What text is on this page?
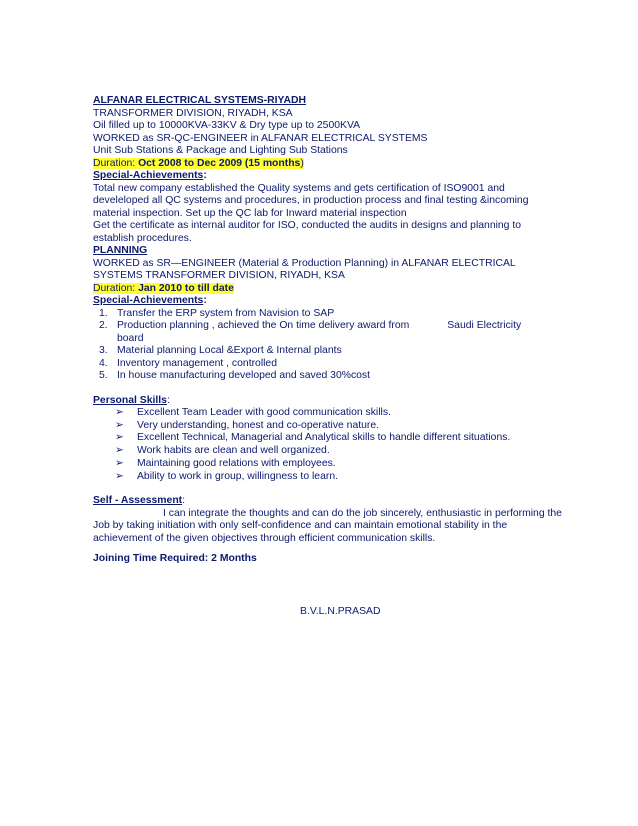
ALFANAR ELECTRICAL SYSTEMS-RIYADH
TRANSFORMER DIVISION, RIYADH, KSA
Oil filled up to 10000KVA-33KV & Dry type up to 2500KVA
WORKED as SR-QC-ENGINEER in ALFANAR ELECTRICAL SYSTEMS
Unit Sub Stations & Package and Lighting Sub Stations
Duration: Oct 2008 to Dec 2009 (15 months)
Special-Achievements:
Total new company established the Quality systems and gets certification of ISO9001 and
develeloped all QC systems and procedures, in production process and final testing &incoming
material inspection. Set up the QC lab for Inward material inspection
Get the certificate as internal auditor for ISO, conducted the audits in designs and planning to
establish procedures.
PLANNING
WORKED as SR—ENGINEER (Material & Production Planning) in ALFANAR ELECTRICAL
SYSTEMS TRANSFORMER DIVISION, RIYADH, KSA
Duration: Jan 2010 to till date
Special-Achievements:
1. Transfer the ERP system from Navision to SAP
2. Production planning , achieved the On time delivery award from	Saudi Electricity
board
3. Material planning Local &Export & Internal plants
4. Inventory management , controlled
5. In house manufacturing developed and saved 30%cost
Personal Skills:
➢ Excellent Team Leader with good communication skills.
➢ Very understanding, honest and co-operative nature.
➢ Excellent Technical, Managerial and Analytical skills to handle different situations.
➢ Work habits are clean and well organized.
➢ Maintaining good relations with employees.
➢ Ability to work in group, willingness to learn.
Self - Assessment:
I can integrate the thoughts and can do the job sincerely, enthusiastic in performing the
Job by taking initiation with only self-confidence and can maintain emotional stability in the
achievement of the given objectives through efficient communication skills.
Joining Time Required: 2 Months
B.V.L.N.PRASAD
